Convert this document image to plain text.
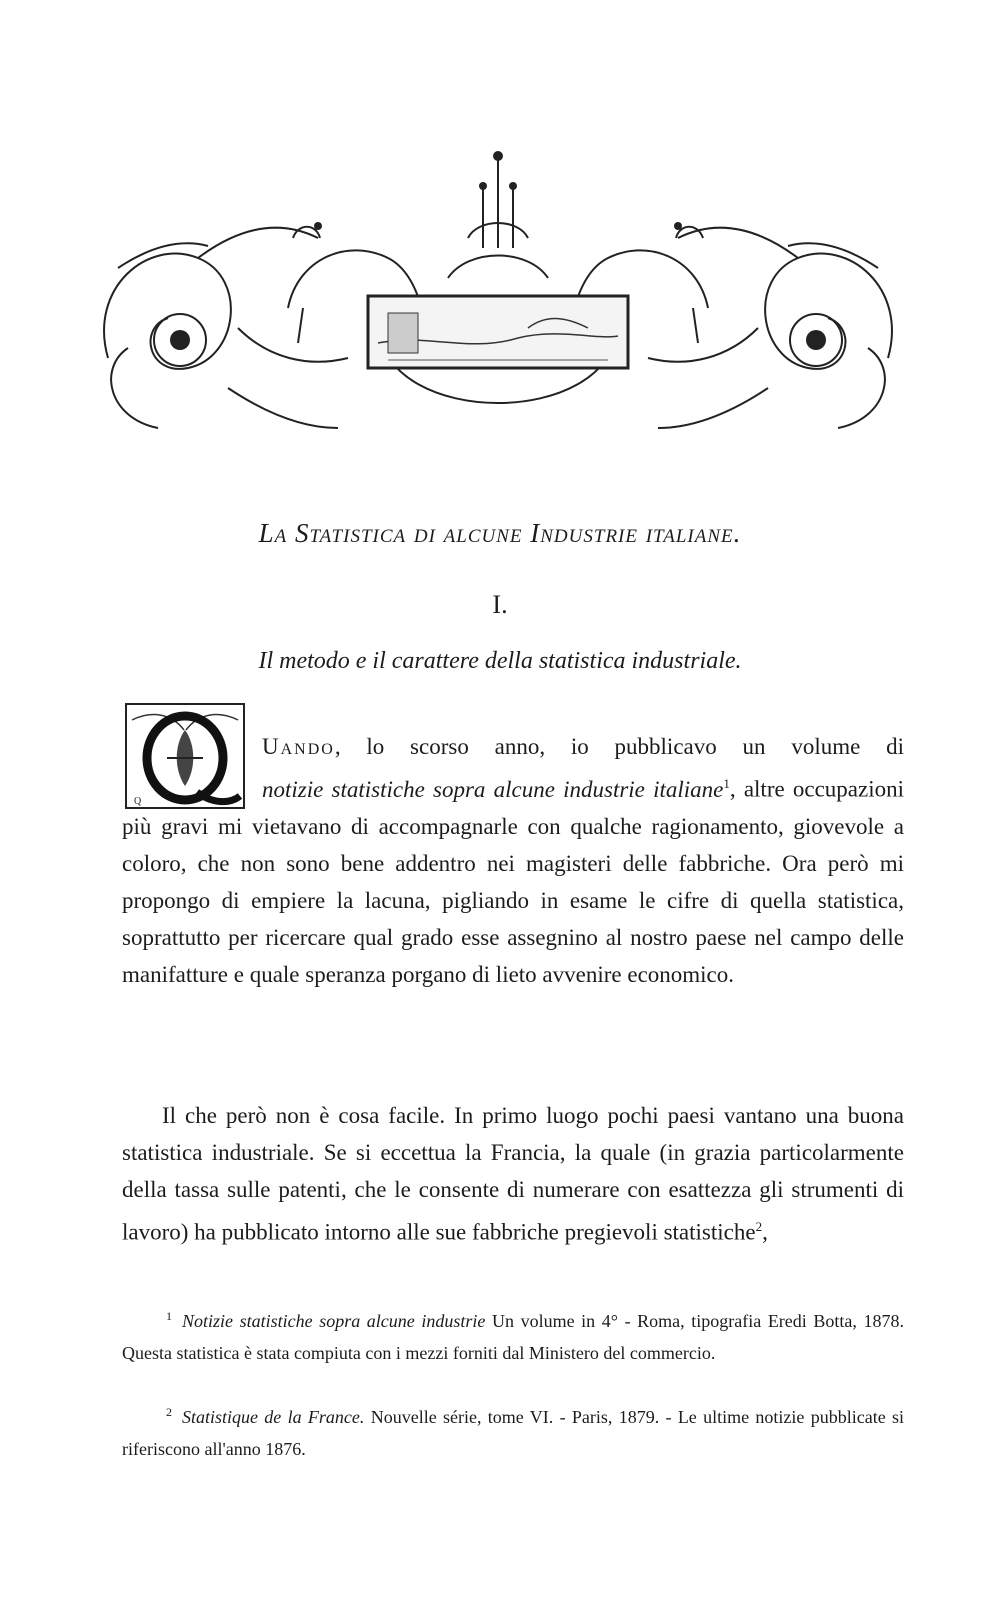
La Statistica di alcune Industrie italiane.
I.
Il metodo e il carattere della statistica industriale.
Q
Uando, lo scorso anno, io pubblicavo un volume di notizie statistiche sopra alcune industrie italiane$^1$, altre occupazioni più gravi mi vietavano di accompagnarle con qualche ragionamento, giovevole a coloro, che non sono bene addentro nei magisteri delle fabbriche. Ora però mi propongo di empiere la lacuna, pigliando in esame le cifre di quella statistica, soprattutto per ricercare qual grado esse assegnino al nostro paese nel campo delle manifatture e quale speranza porgano di lieto avvenire economico.
Il che però non è cosa facile. In primo luogo pochi paesi vantano una buona statistica industriale. Se si eccettua la Francia, la quale (in grazia particolarmente della tassa sulle patenti, che le consente di numerare con esattezza gli strumenti di lavoro) ha pubblicato intorno alle sue fabbriche pregievoli statistiche$^2$,
$^1$ Notizie statistiche sopra alcune industrie Un volume in 4° - Roma, tipografia Eredi Botta, 1878. Questa statistica è stata compiuta con i mezzi forniti dal Ministero del commercio.
$^2$ Statistique de la France. Nouvelle série, tome VI. - Paris, 1879. - Le ultime notizie pubblicate si riferiscono all'anno 1876.
